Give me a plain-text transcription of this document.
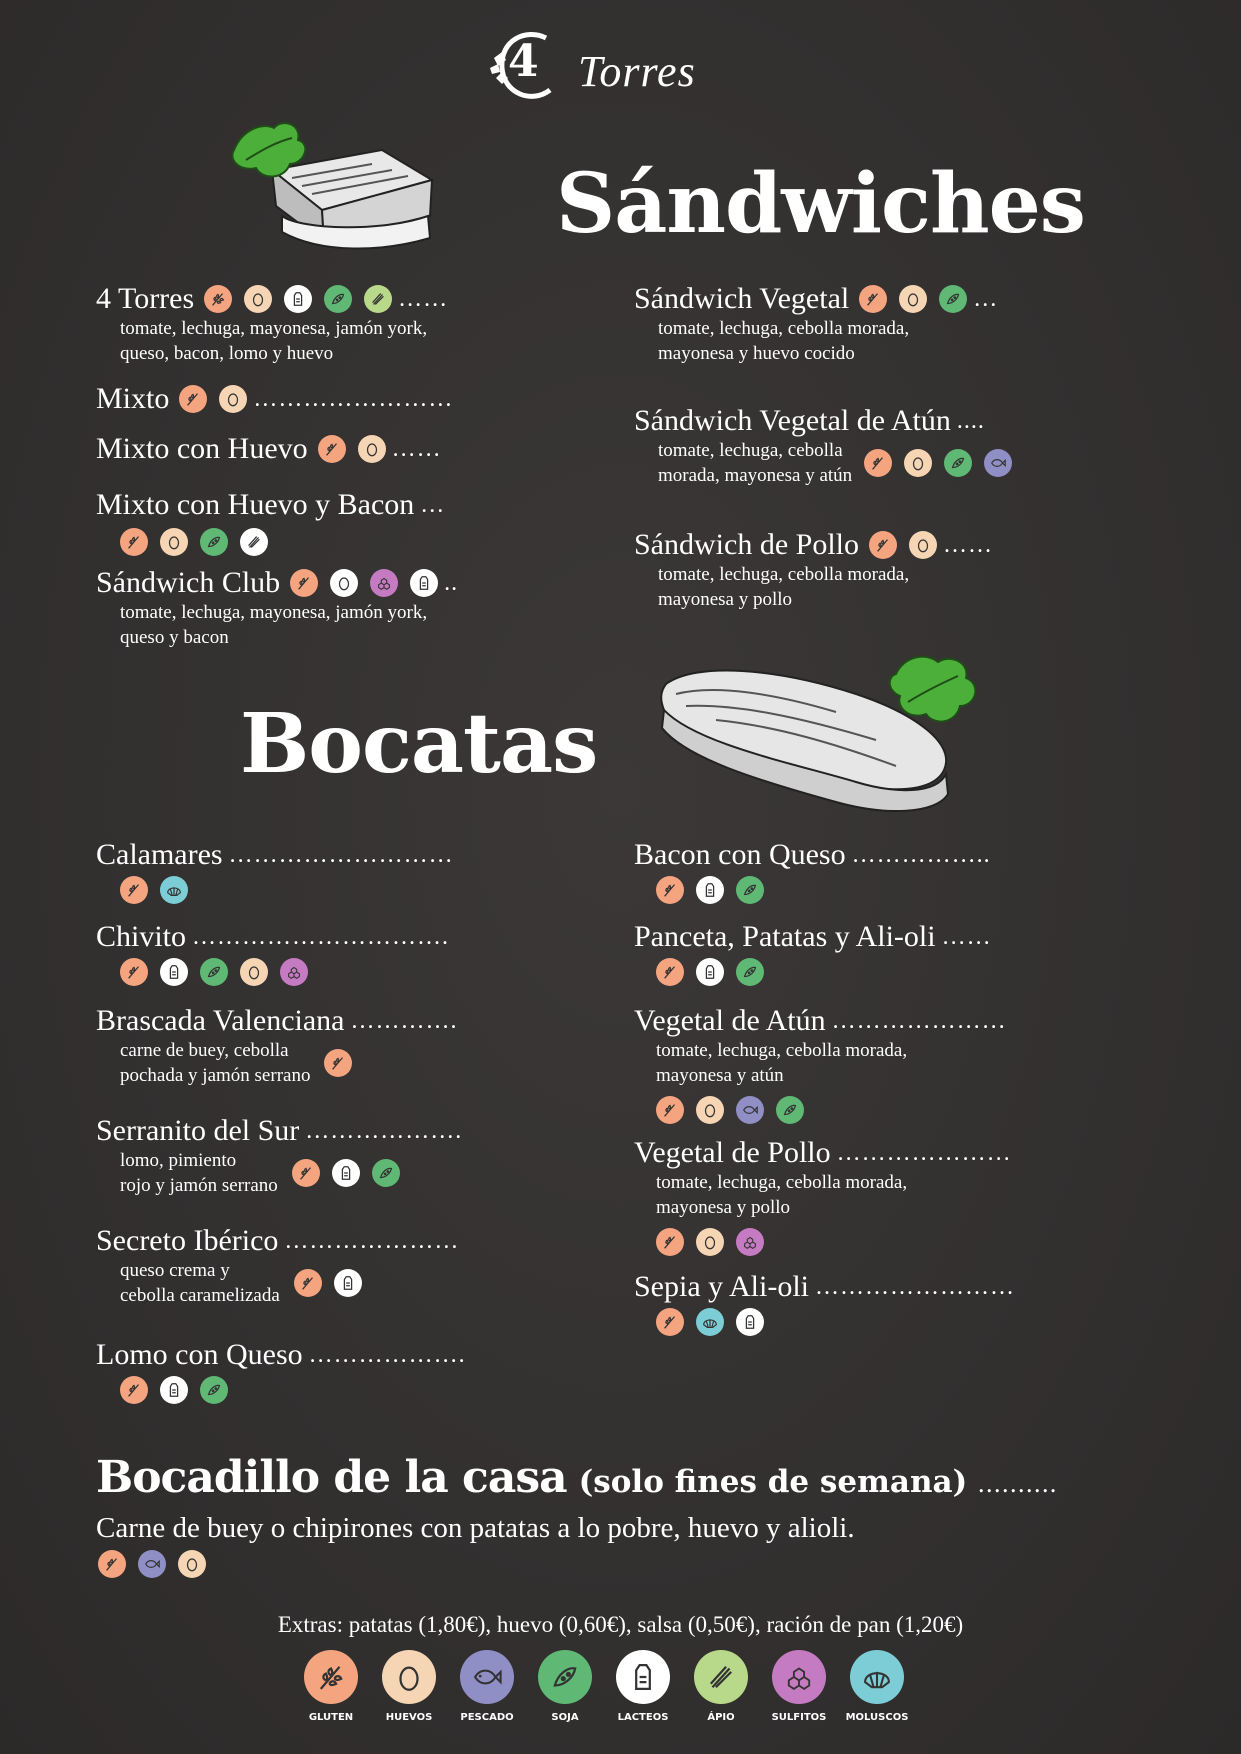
4 Torres
Sándwiches
4 Torres	……
tomate, lechuga, mayonesa, jamón york,
queso, bacon, lomo y huevo
Mixto	……………………
Mixto con Huevo	……
Mixto con Huevo y Bacon …
Sándwich Club	..
tomate, lechuga, mayonesa, jamón york,
queso y bacon
Sándwich Vegetal	…
tomate, lechuga, cebolla morada,
mayonesa y huevo cocido
Sándwich Vegetal de Atún ....
tomate, lechuga, cebolla
morada, mayonesa y atún
Sándwich de Pollo	……
tomate, lechuga, cebolla morada,
mayonesa y pollo
Bocatas
Calamares ………………………
Chivito ………………………….
Brascada Valenciana ………….
carne de buey, cebolla
pochada y jamón serrano
Serranito del Sur ……………….
lomo, pimiento
rojo y jamón serrano
Secreto Ibérico …………………
queso crema y
cebolla caramelizada
Lomo con Queso ……………….
Bacon con Queso ……………..
Panceta, Patatas y Ali-oli ……
Vegetal de Atún …………………
tomate, lechuga, cebolla morada,
mayonesa y atún
Vegetal de Pollo …………………
tomate, lechuga, cebolla morada,
mayonesa y pollo
Sepia y Ali-oli ……………………
Bocadillo de la casa (solo fines de semana) ……….
Carne de buey o chipirones con patatas a lo pobre, huevo y alioli.
Extras: patatas (1,80€), huevo (0,60€), salsa (0,50€), ración de pan (1,20€)
GLUTEN	HUEVOS	PESCADO	SOJA	LACTEOS	ÁPIO	SULFITOS MOLUSCOS
